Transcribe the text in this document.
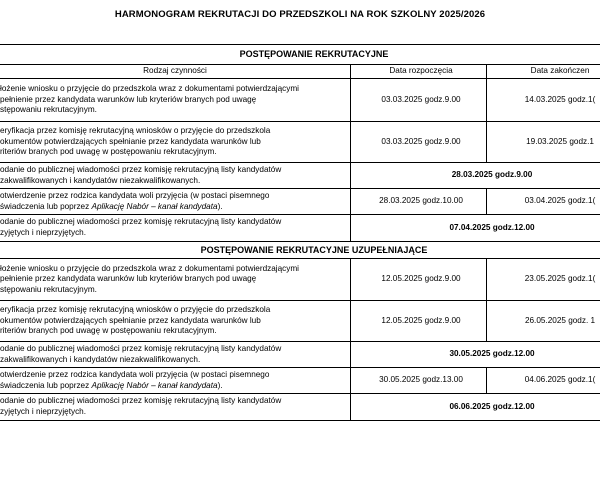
HARMONOGRAM REKRUTACJI DO PRZEDSZKOLI NA ROK SZKOLNY 2025/2026
POSTĘPOWANIE REKRUTACYJNE		
Rodzaj czynności	Data rozpoczęcia	Data zakończen

łożenie wniosku o przyjęcie do przedszkola wraz z dokumentami potwierdzającymi
pełnienie przez kandydata warunków lub kryteriów branych pod uwagę
stępowaniu rekrutacyjnym.	03.03.2025 godz.9.00	14.03.2025 godz.1(

eryfikacja przez komisję rekrutacyjną wniosków o przyjęcie do przedszkola
okumentów potwierdzających spełnianie przez kandydata warunków lub
riteriów branych pod uwagę w postępowaniu rekrutacyjnym.	03.03.2025 godz.9.00	19.03.2025 godz.1

odanie do publicznej wiadomości przez komisję rekrutacyjną listy kandydatów
zakwalifikowanych i kandydatów niezakwalifikowanych.	28.03.2025 godz.9.00	

otwierdzenie przez rodzica kandydata woli przyjęcia (w postaci pisemnego
świadczenia lub poprzez Aplikację Nabór – kanał kandydata).	28.03.2025 godz.10.00	03.04.2025 godz.1(

odanie do publicznej wiadomości przez komisję rekrutacyjną listy kandydatów
zyjętych i nieprzyjętych.	07.04.2025 godz.12.00	
POSTĘPOWANIE REKRUTACYJNE UZUPEŁNIAJĄCE		

łożenie wniosku o przyjęcie do przedszkola wraz z dokumentami potwierdzającymi
pełnienie przez kandydata warunków lub kryteriów branych pod uwagę
stępowaniu rekrutacyjnym.	12.05.2025 godz.9.00	23.05.2025 godz.1(

eryfikacja przez komisję rekrutacyjną wniosków o przyjęcie do przedszkola
okumentów potwierdzających spełnianie przez kandydata warunków lub
riteriów branych pod uwagę w postępowaniu rekrutacyjnym.	12.05.2025 godz.9.00	26.05.2025 godz. 1

odanie do publicznej wiadomości przez komisję rekrutacyjną listy kandydatów
zakwalifikowanych i kandydatów niezakwalifikowanych.	30.05.2025 godz.12.00	

otwierdzenie przez rodzica kandydata woli przyjęcia (w postaci pisemnego
świadczenia lub poprzez Aplikację Nabór – kanał kandydata).	30.05.2025 godz.13.00	04.06.2025 godz.1(

odanie do publicznej wiadomości przez komisję rekrutacyjną listy kandydatów
zyjętych i nieprzyjętych.	06.06.2025 godz.12.00	
